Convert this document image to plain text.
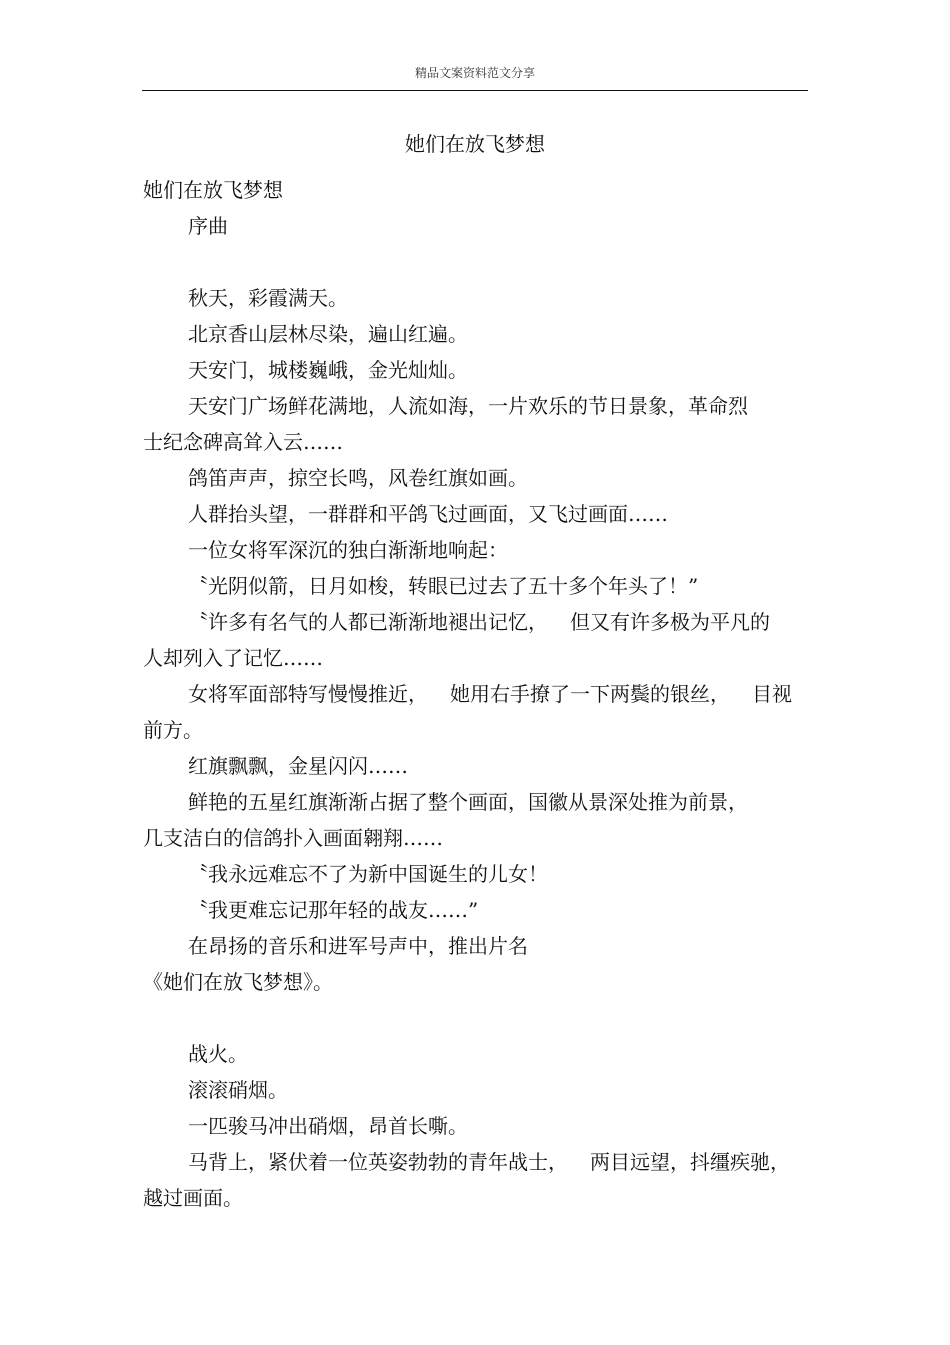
精品文案资料范文分享
她们在放飞梦想
她们在放飞梦想
序曲
秋天，彩霞满天。
北京香山层林尽染，遍山红遍。
天安门，城楼巍峨，金光灿灿。
天安门广场鲜花满地，人流如海，一片欢乐的节日景象，革命烈
士纪念碑高耸入云……
鸽笛声声，掠空长鸣，风卷红旗如画。
人群抬头望，一群群和平鸽飞过画面，又飞过画面……
一位女将军深沉的独白渐渐地响起：
〝光阴似箭，日月如梭，转眼已过去了五十多个年头了！”
〝许多有名气的人都已渐渐地褪出记忆， 但又有许多极为平凡的
人却列入了记忆……
女将军面部特写慢慢推近， 她用右手撩了一下两鬓的银丝， 目视
前方。
红旗飘飘，金星闪闪……
鲜艳的五星红旗渐渐占据了整个画面，国徽从景深处推为前景，
几支洁白的信鸽扑入画面翱翔……
〝我永远难忘不了为新中国诞生的儿女！
〝我更难忘记那年轻的战友……”
在昂扬的音乐和进军号声中，推出片名
《她们在放飞梦想》。
战火。
滚滚硝烟。
一匹骏马冲出硝烟，昂首长嘶。
马背上，紧伏着一位英姿勃勃的青年战士， 两目远望，抖缰疾驰，
越过画面。
